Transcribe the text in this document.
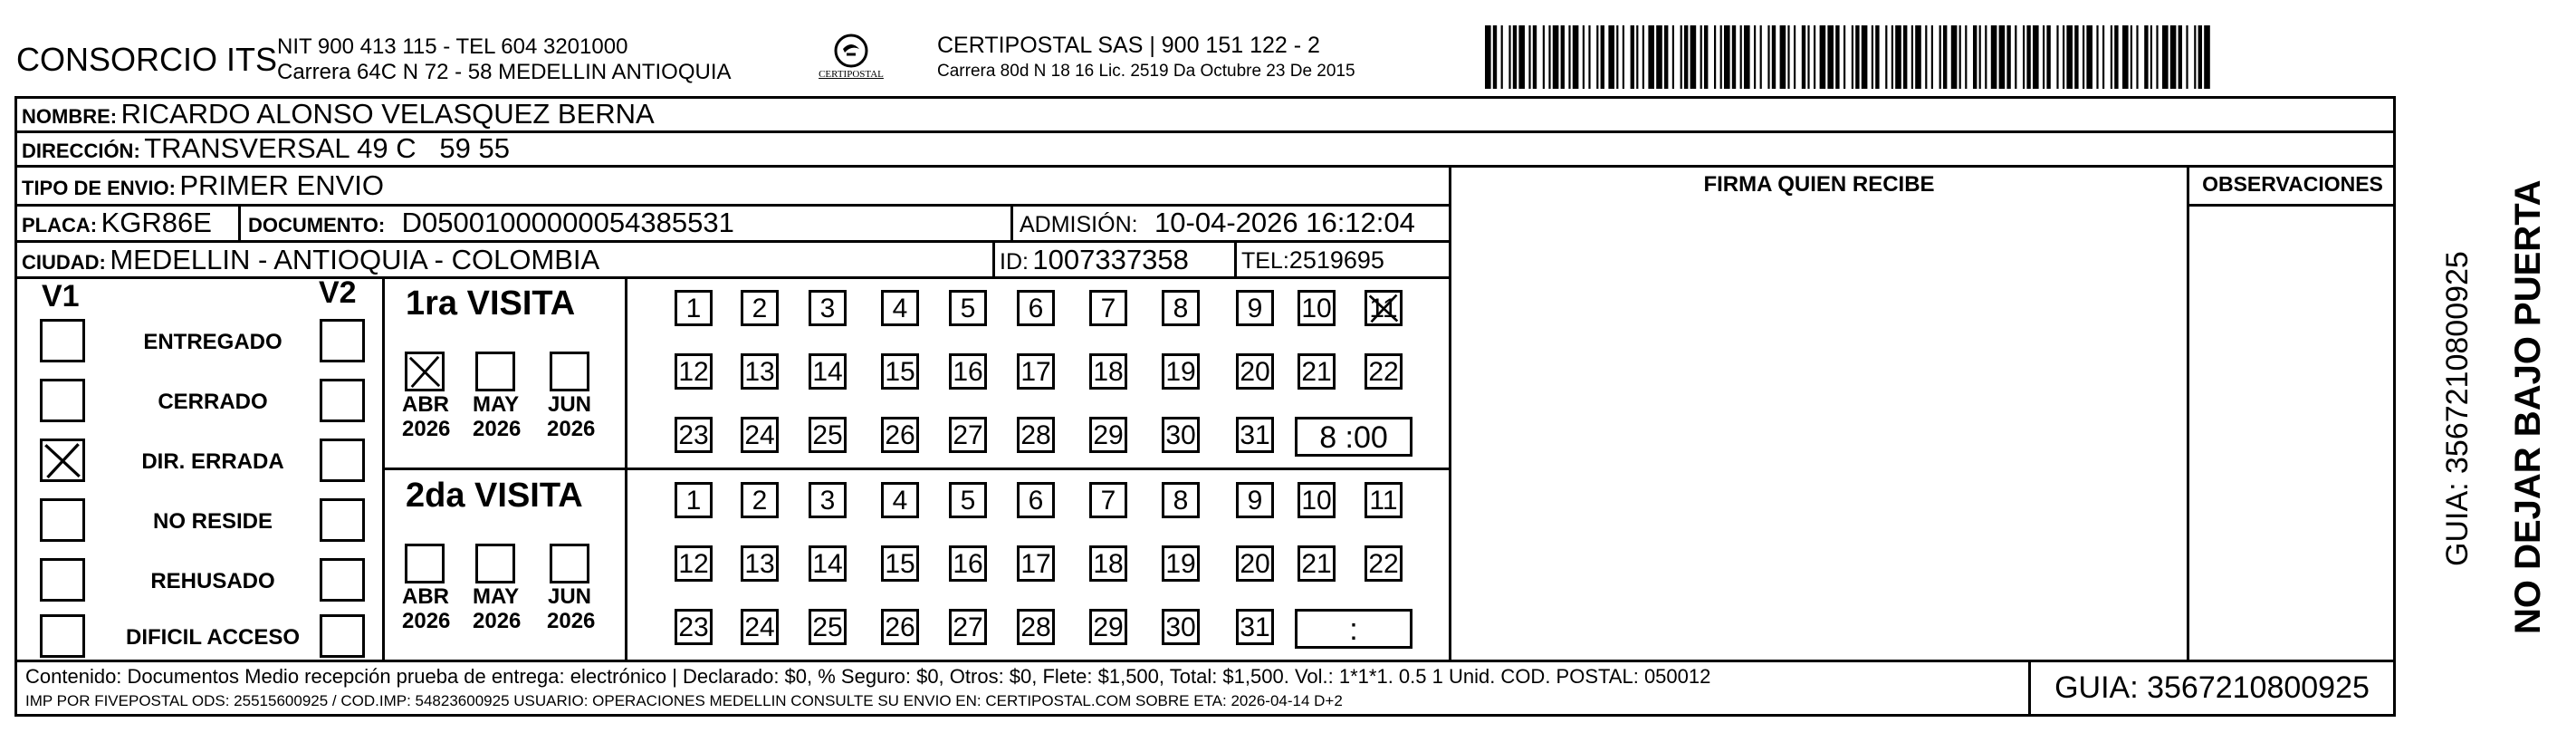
CONSORCIO ITS NIT 900 413 115 - TEL 604 3201000
Carrera 64C N 72 - 58 MEDELLIN ANTIOQUIA	CERTIPOSTAL
CERTIPOSTAL SAS | 900 151 122 - 2
Carrera 80d N 18 16 Lic. 2519 Da Octubre 23 De 2015
NOMBRE: RICARDO ALONSO VELASQUEZ BERNA
DIRECCIÓN: TRANSVERSAL 49 C   59 55
TIPO DE ENVIO: PRIMER ENVIO
PLACA: KGR86E DOCUMENTO: D05001000000054385531	ADMISIÓN: 10-04-2026 16:12:04
CIUDAD: MEDELLIN - ANTIOQUIA - COLOMBIA	ID: 1007337358 TEL:2519695
FIRMA QUIEN RECIBE	OBSERVACIONES
V1	V2
ENTREGADO
CERRADO
DIR. ERRADA
NO RESIDE
REHUSADO
DIFICIL ACCESO
1ra VISITA
ABR
2026
MAY
2026
JUN
2026
1	2	3	4	5	6	7	8	9	10 11
12 13 14 15 16 17 18 19 20 21 22
23 24 25 26 27 28 29 30 31	8 :00
2da VISITA
ABR
2026
MAY
2026
JUN
2026
1	2	3	4	5	6	7	8	9	10 11
12 13 14 15 16 17 18 19 20 21 22
23 24 25 26 27 28 29 30 31	:
Contenido: Documentos Medio recepción prueba de entrega: electrónico | Declarado: $0, % Seguro: $0, Otros: $0, Flete: $1,500, Total: $1,500. Vol.: 1*1*1. 0.5 1 Unid. COD. POSTAL: 050012
IMP POR FIVEPOSTAL ODS: 25515600925 / COD.IMP: 54823600925 USUARIO: OPERACIONES MEDELLIN CONSULTE SU ENVIO EN: CERTIPOSTAL.COM SOBRE ETA: 2026-04-14 D+2	GUIA: 3567210800925
NO DEJAR BAJO PUERTA
GUIA: 3567210800925
